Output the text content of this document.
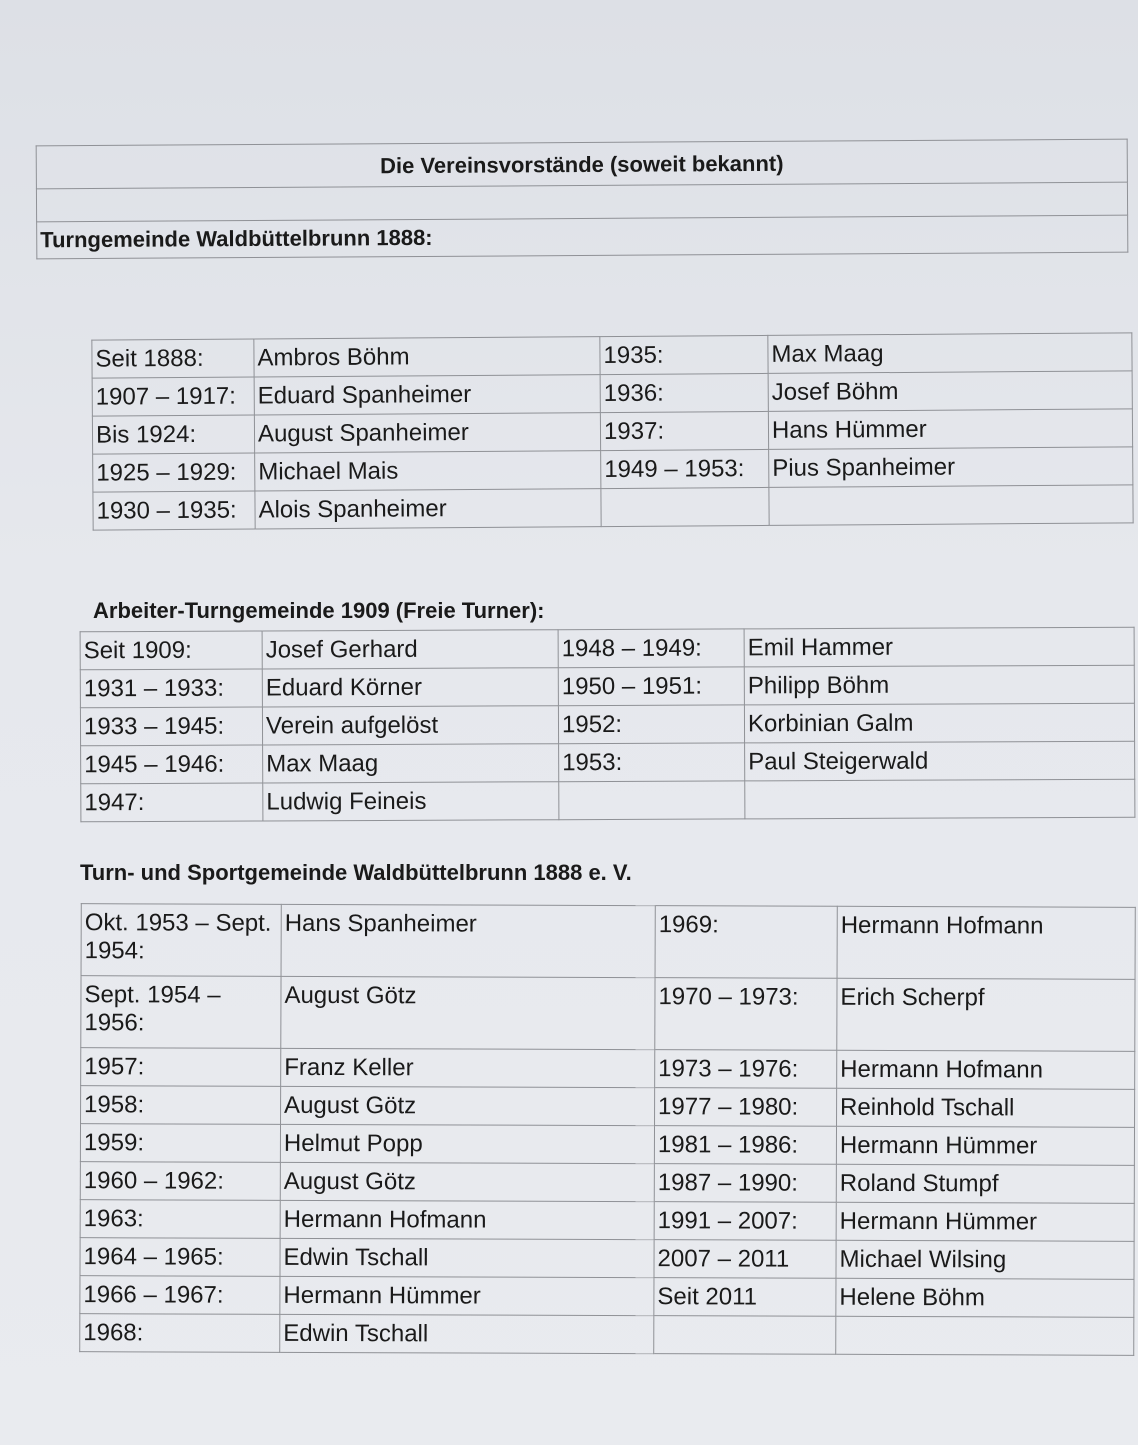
Die Vereinsvorstände (soweit bekannt)

Turngemeinde Waldbüttelbrunn 1888:
Seit 1888:	Ambros Böhm	1935:	Max Maag
1907 – 1917:	Eduard Spanheimer	1936:	Josef Böhm
Bis 1924:	August Spanheimer	1937:	Hans Hümmer
1925 – 1929:	Michael Mais	1949 – 1953:	Pius Spanheimer
1930 – 1935:	Alois Spanheimer		
Arbeiter-Turngemeinde 1909 (Freie Turner):
Seit 1909:	Josef Gerhard	1948 – 1949:	Emil Hammer
1931 – 1933:	Eduard Körner	1950 – 1951:	Philipp Böhm
1933 – 1945:	Verein aufgelöst	1952:	Korbinian Galm
1945 – 1946:	Max Maag	1953:	Paul Steigerwald
1947:	Ludwig Feineis		
Turn- und Sportgemeinde Waldbüttelbrunn 1888 e. V.
Okt. 1953 – Sept. 1954:	Hans Spanheimer	1969:	Hermann Hofmann
Sept. 1954 – 1956:	August Götz	1970 – 1973:	Erich Scherpf
1957:	Franz Keller	1973 – 1976:	Hermann Hofmann
1958:	August Götz	1977 – 1980:	Reinhold Tschall
1959:	Helmut Popp	1981 – 1986:	Hermann Hümmer
1960 – 1962:	August Götz	1987 – 1990:	Roland Stumpf
1963:	Hermann Hofmann	1991 – 2007:	Hermann Hümmer
1964 – 1965:	Edwin Tschall	2007 – 2011	Michael Wilsing
1966 – 1967:	Hermann Hümmer	Seit 2011	Helene Böhm
1968:	Edwin Tschall		
